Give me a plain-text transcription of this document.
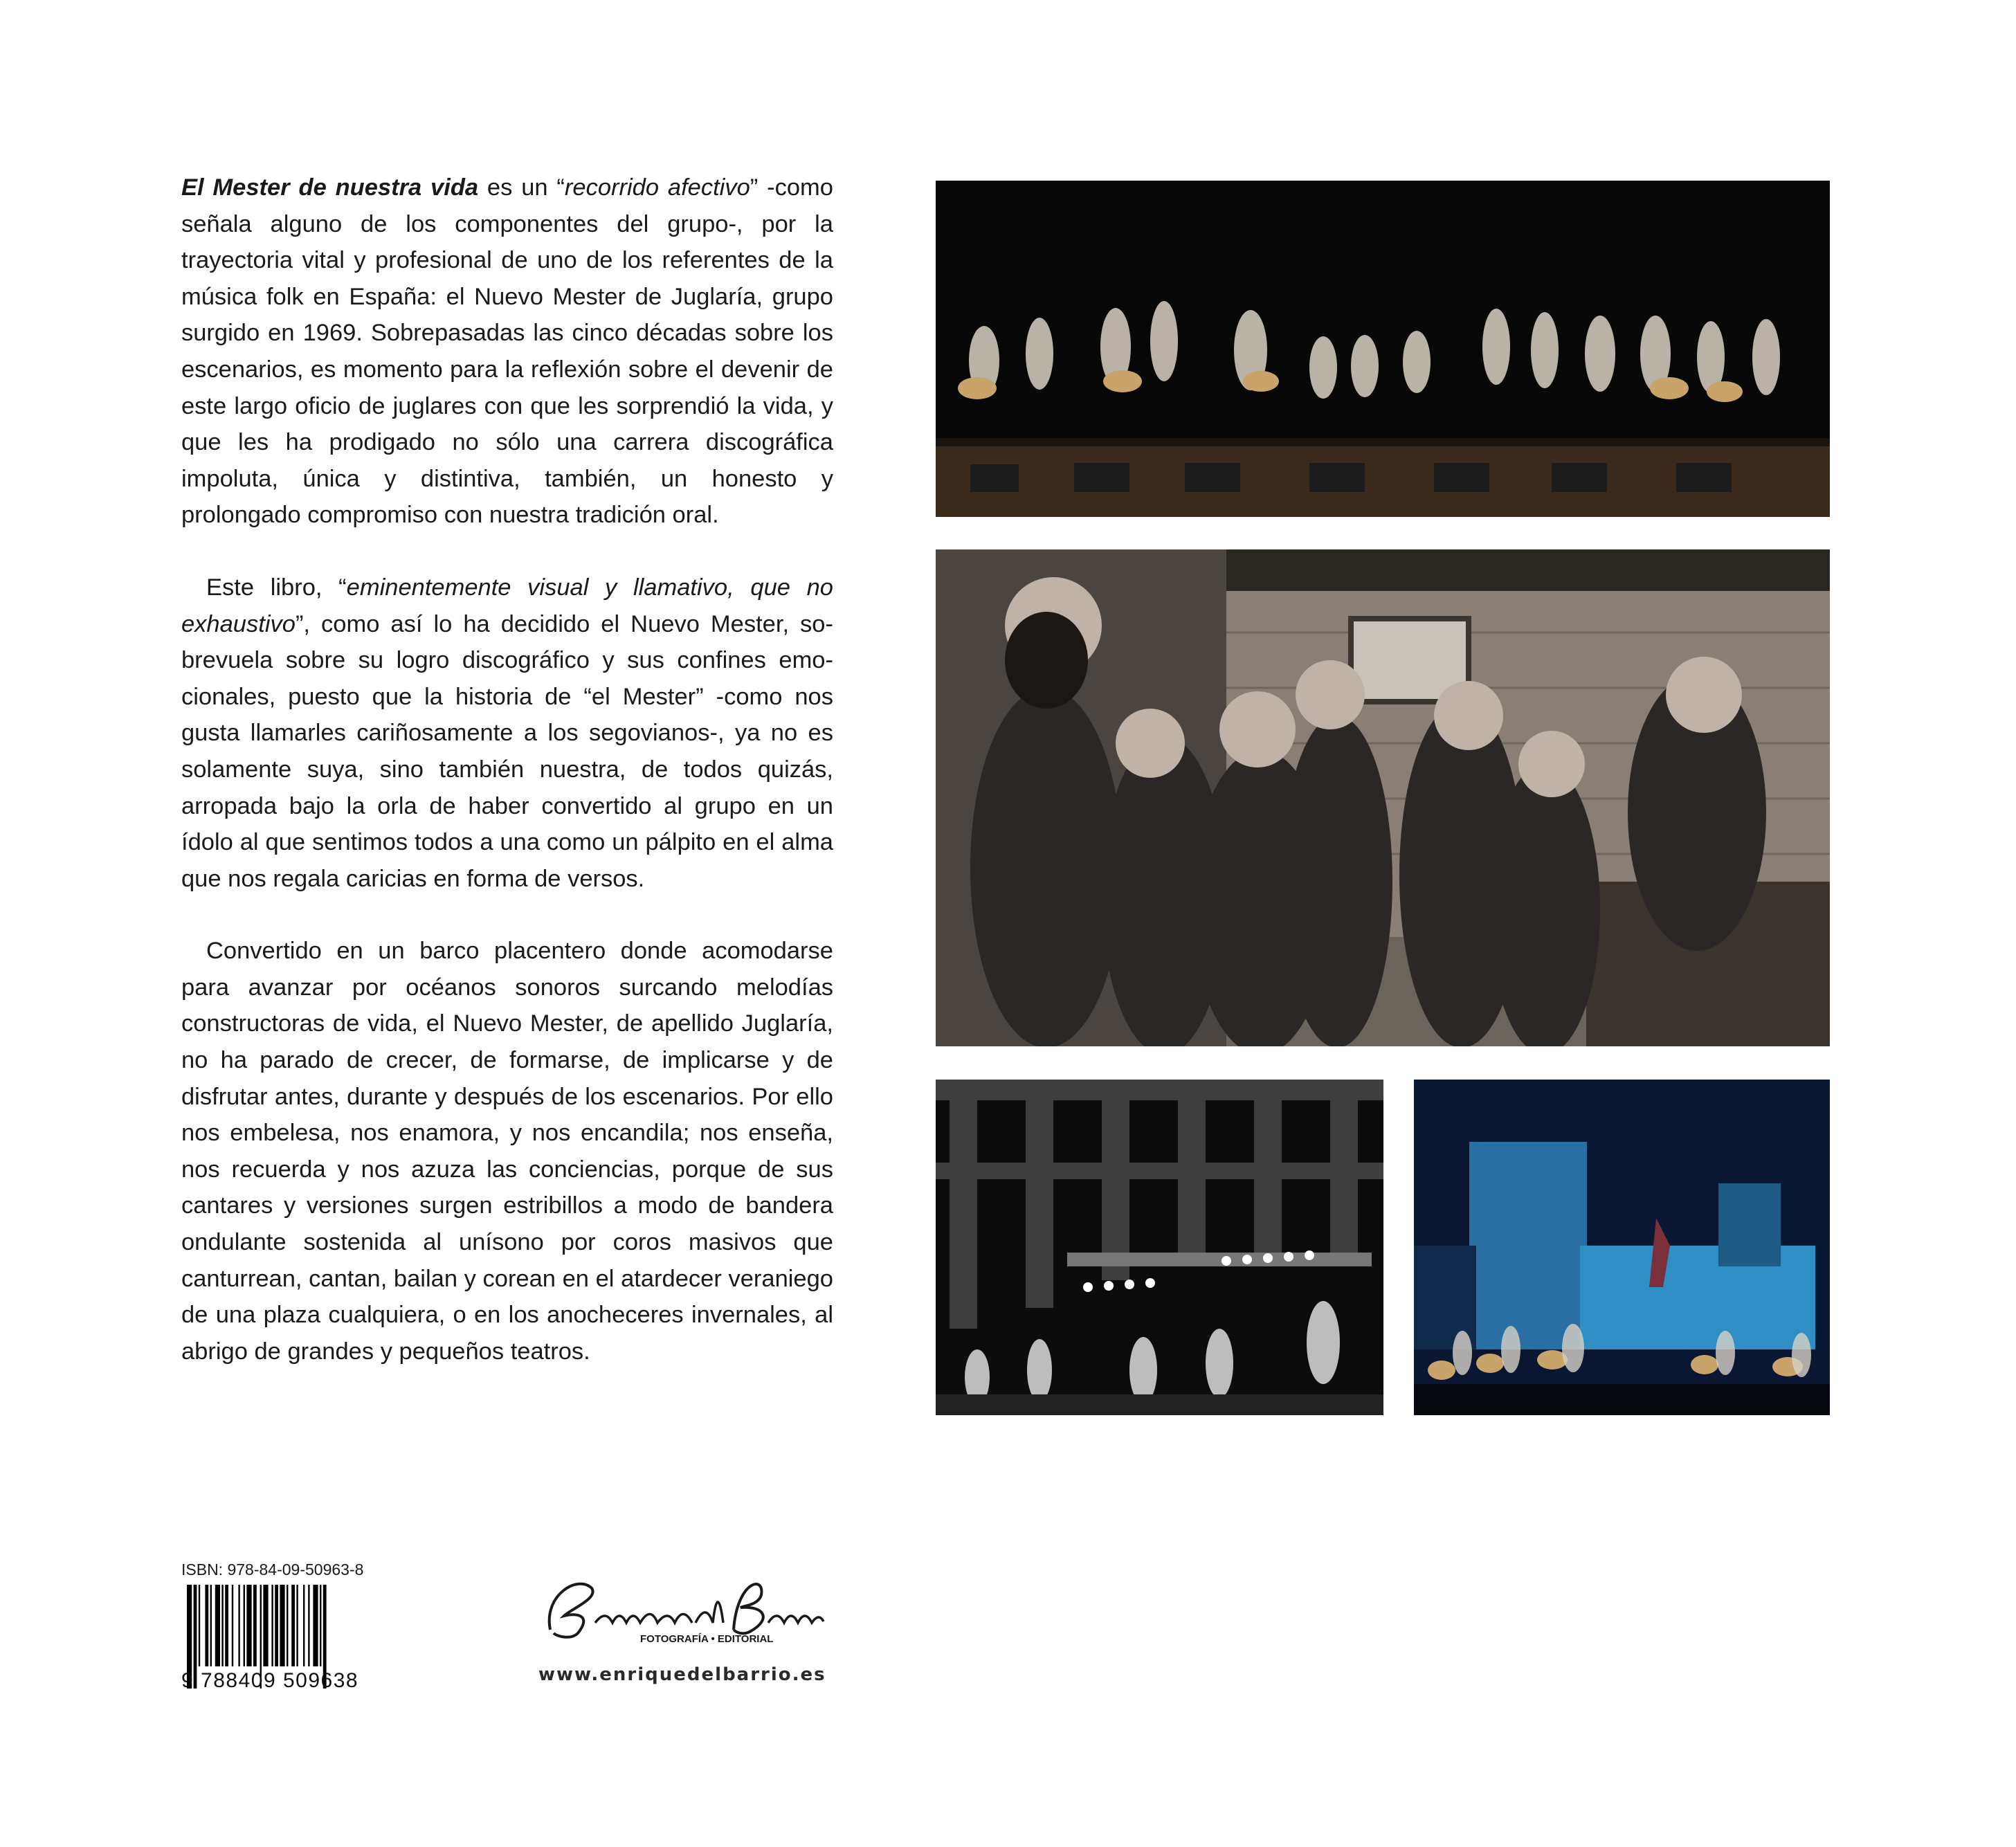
El Mester de nuestra vida es un “recorrido afectivo” -como señala alguno de los componentes del grupo-, por la trayectoria vital y profesional de uno de los referentes de la música folk en España: el Nuevo Mester de Juglaría, grupo surgido en 1969. Sobrepasadas las cinco décadas sobre los escenarios, es momento para la reflexión sobre el devenir de este largo oficio de juglares con que les sorprendió la vida, y que les ha prodigado no sólo una carrera discográfica impoluta, única y distintiva, también, un honesto y prolongado compromiso con nuestra tradición oral.

Este libro, “eminentemente visual y llamativo, que no exhaustivo”, como así lo ha decidido el Nuevo Mester, sobrevuela sobre su logro discográfico y sus confines emocionales, puesto que la historia de “el Mester” -como nos gusta llamarles cariñosamente a los segovianos-, ya no es solamente suya, sino también nuestra, de todos quizás, arropada bajo la orla de haber convertido al grupo en un ídolo al que sentimos todos a una como un pálpito en el alma que nos regala caricias en forma de versos.

Convertido en un barco placentero donde acomodarse para avanzar por océanos sonoros surcando melodías constructoras de vida, el Nuevo Mester, de apellido Juglaría, no ha parado de crecer, de formarse, de implicarse y de disfrutar antes, durante y después de los escenarios. Por ello nos embelesa, nos enamora, y nos encandila; nos enseña, nos recuerda y nos azuza las conciencias, porque de sus cantares y versiones surgen estribillos a modo de bandera ondulante sostenida al unísono por coros masivos que canturrean, cantan, bailan y corean en el atardecer veraniego de una plaza cualquiera, o en los anocheceres invernales, al abrigo de grandes y pequeños teatros.

ISBN: 978-84-09-50963-8
9 788409 509638
FOTOGRAFÍA • EDITORIAL
www.enriquedelbarrio.es
